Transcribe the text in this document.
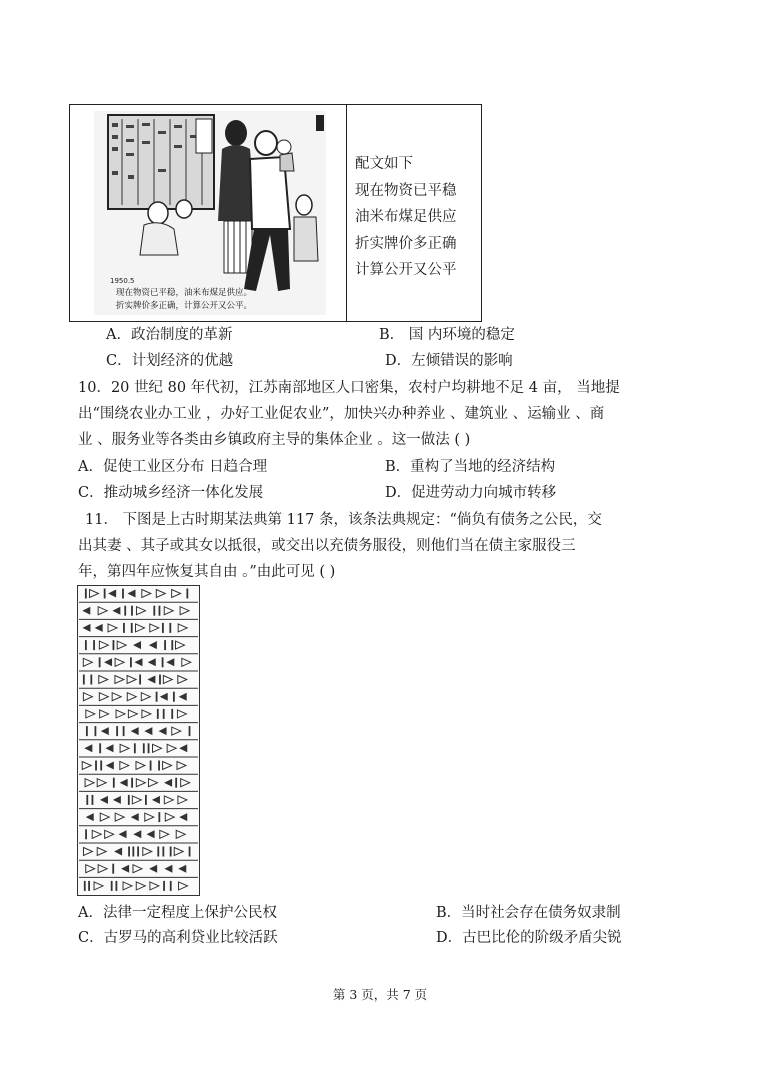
1950.5
现在物资已平稳，油米布煤足供应。
折实牌价多正确，计算公开又公平。
配文如下
现在物资已平稳
油米布煤足供应
折实牌价多正确
计算公开又公平
A．政治制度的革新	B． 国 内环境的稳定
C．计划经济的优越	D．左倾错误的影响
10．20 世纪 80 年代初，江苏南部地区人口密集，农村户均耕地不足 4 亩， 当地提
出“围绕农业办工业 ，办好工业促农业”，加快兴办种养业 、建筑业 、运输业 、商
业 、服务业等各类由乡镇政府主导的集体企业 。这一做法 ( )
A．促使工业区分布 日趋合理	B．重构了当地的经济结构
C．推动城乡经济一体化发展	D．促进劳动力向城市转移
11． 下图是上古时期某法典第 117 条，该条法典规定：“倘负有债务之公民，交
出其妻 、其子或其女以抵很，或交出以充债务服役，则他们当在债主家服役三
年，第四年应恢复其自由 。”由此可见 ( )
A．法律一定程度上保护公民权	B．当时社会存在债务奴隶制
C．古罗马的高利贷业比较活跃	D．古巴比伦的阶级矛盾尖锐
第 3 页，共 7 页
